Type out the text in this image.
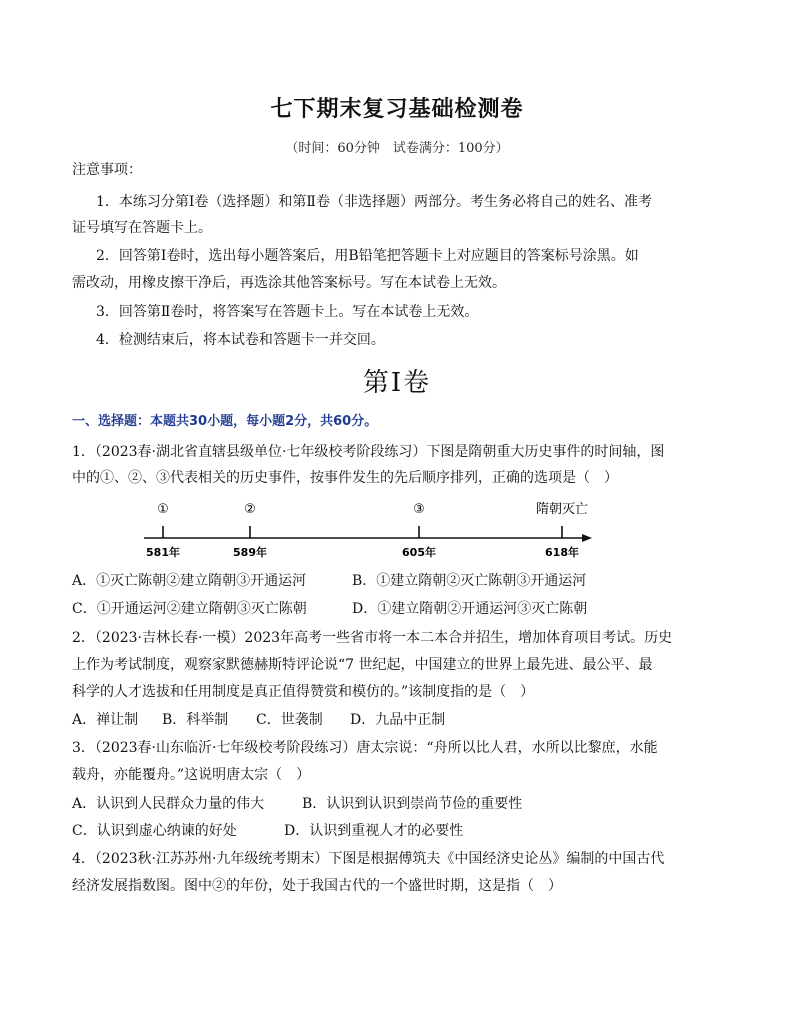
七下期末复习基础检测卷
（时间：60分钟　试卷满分：100分）
注意事项：
1．本练习分第Ⅰ卷（选择题）和第Ⅱ卷（非选择题）两部分。考生务必将自己的姓名、准考
证号填写在答题卡上。
2．回答第Ⅰ卷时，选出每小题答案后，用B铅笔把答题卡上对应题目的答案标号涂黑。如
需改动，用橡皮擦干净后，再选涂其他答案标号。写在本试卷上无效。
3．回答第Ⅱ卷时，将答案写在答题卡上。写在本试卷上无效。
4．检测结束后，将本试卷和答题卡一并交回。
第Ⅰ卷
一、选择题：本题共30小题，每小题2分，共60分。
1．（2023春·湖北省直辖县级单位·七年级校考阶段练习）下图是隋朝重大历史事件的时间轴，图
中的①、②、③代表相关的历史事件，按事件发生的先后顺序排列，正确的选项是（　）
①	②	③	隋朝灭亡
581年	589年	605年	618年
A．①灭亡陈朝②建立隋朝③开通运河	B．①建立隋朝②灭亡陈朝③开通运河
C．①开通运河②建立隋朝③灭亡陈朝	D．①建立隋朝②开通运河③灭亡陈朝
2．（2023·吉林长春·一模）2023年高考一些省市将一本二本合并招生，增加体育项目考试。历史
上作为考试制度，观察家默德赫斯特评论说“7 世纪起，中国建立的世界上最先进、最公平、最
科学的人才选拔和任用制度是真正值得赞赏和模仿的。”该制度指的是（　）
A．禅让制 B．科举制 C．世袭制 D．九品中正制
3．（2023春·山东临沂·七年级校考阶段练习）唐太宗说：“舟所以比人君，水所以比黎庶，水能
载舟，亦能覆舟。”这说明唐太宗（　）
A．认识到人民群众力量的伟大	B．认识到认识到崇尚节俭的重要性
C．认识到虚心纳谏的好处	D．认识到重视人才的必要性
4．（2023秋·江苏苏州·九年级统考期末）下图是根据傅筑夫《中国经济史论丛》编制的中国古代
经济发展指数图。图中②的年份，处于我国古代的一个盛世时期，这是指（　）
